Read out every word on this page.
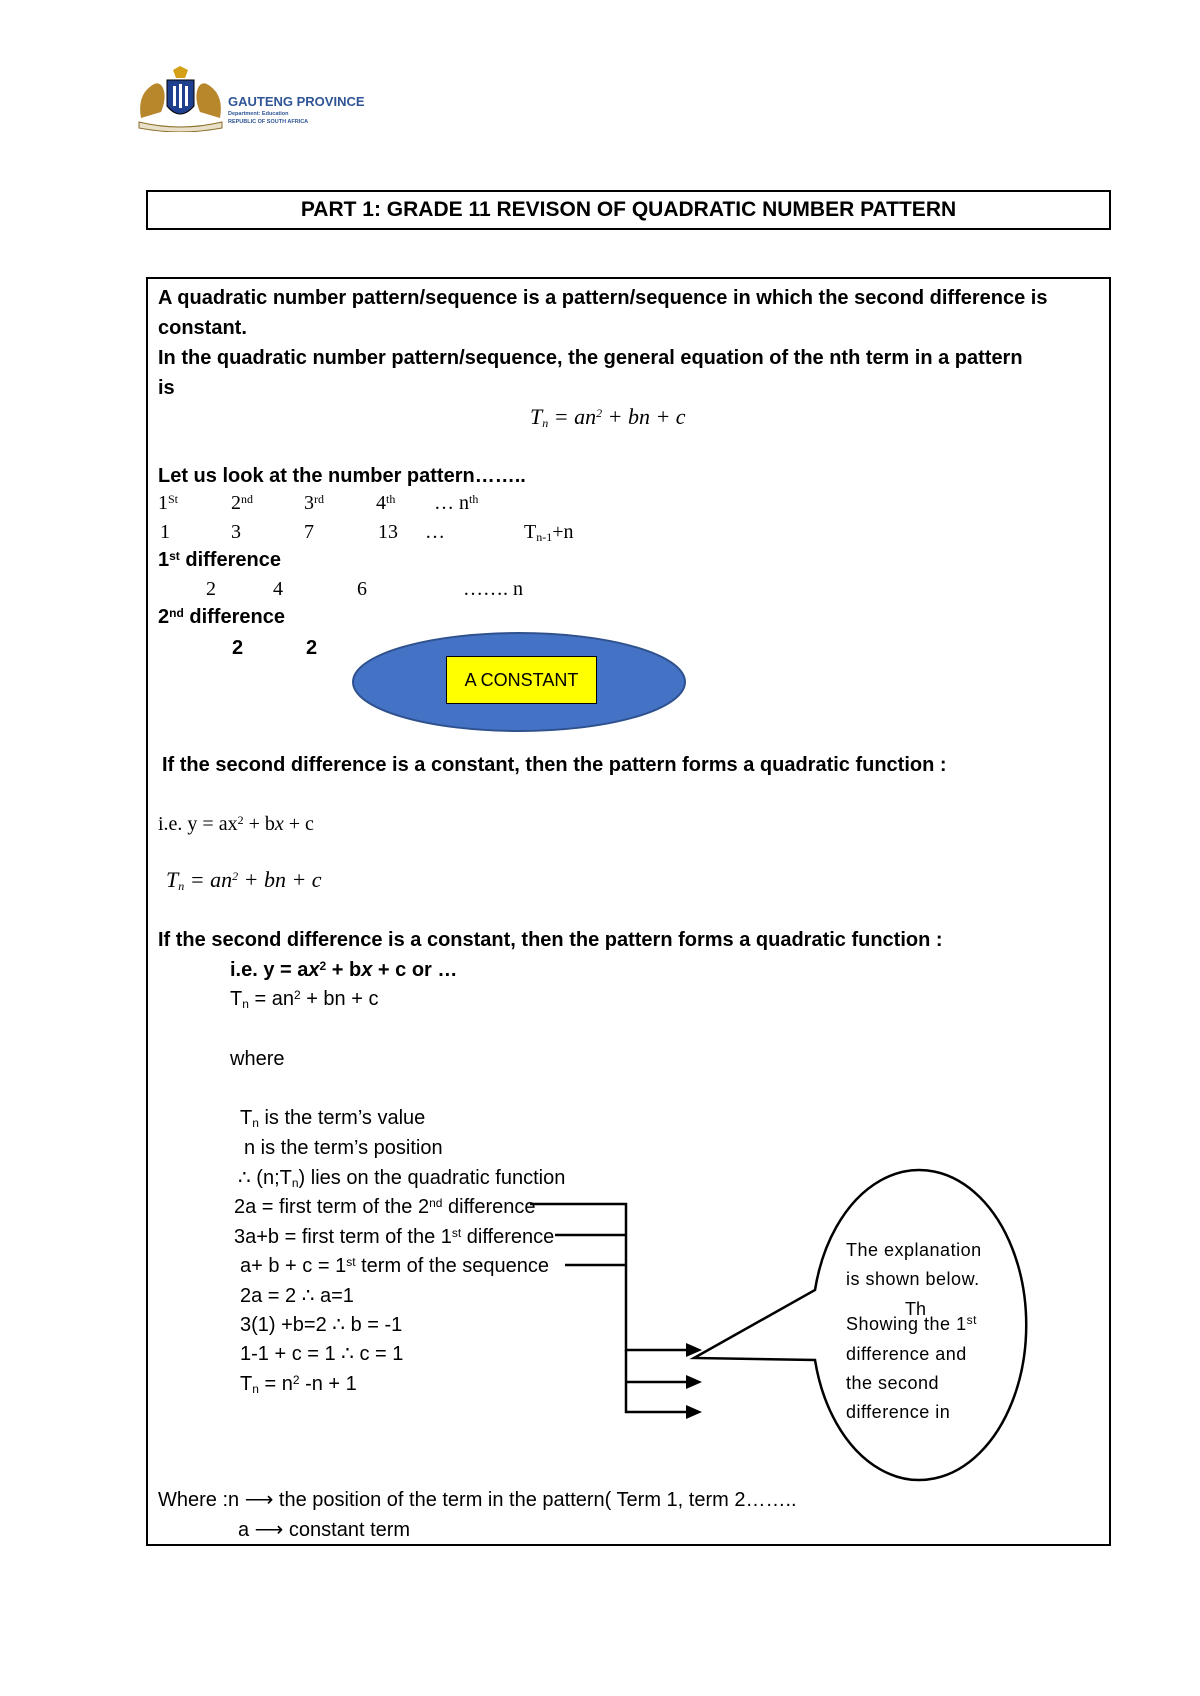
GAUTENG PROVINCE
Department: Education
REPUBLIC OF SOUTH AFRICA
PART 1: GRADE 11 REVISON OF QUADRATIC NUMBER PATTERN
A quadratic number pattern/sequence is a pattern/sequence in which the second difference is
constant.
In the quadratic number pattern/sequence, the general equation of the nth term in a pattern
is
$T_n = an^2$ + bn + c
Let us look at the number pattern……..
1St	2nd	3rd	4th … $n^{th}$
1	3	7	13 …	$T_{n-1}+n$
1st difference
2	4	6	……. n
2nd difference
2	2
A CONSTANT
If the second difference is a constant, then the pattern forms a quadratic function :
i.e. $y = ax^2$ + bx + c
$T_n = an^2$ + bn + c
If the second difference is a constant, then the pattern forms a quadratic function :
i.e. $y = ax^2$ + bx + c or …
$T_n = an^2$ + bn + c
where
$T_n$ is the term’s value
n is the term’s position
∴ $(n;T_n)$ lies on the quadratic function
2a = first term of the 2nd difference
3a+b = first term of the 1st difference
a+ b + c = 1st term of the sequence
2a = 2 ∴ a=1
3(1) +b=2 ∴ b = -1
1-1 + c = 1 ∴ c = 1
$T_n = n^2$ -n + 1
The explanation
is shown below.
Th
Showing the 1st
difference and
the second
difference in
Where :n ⟶ the position of the term in the pattern( Term 1, term 2……..
a ⟶ constant term
